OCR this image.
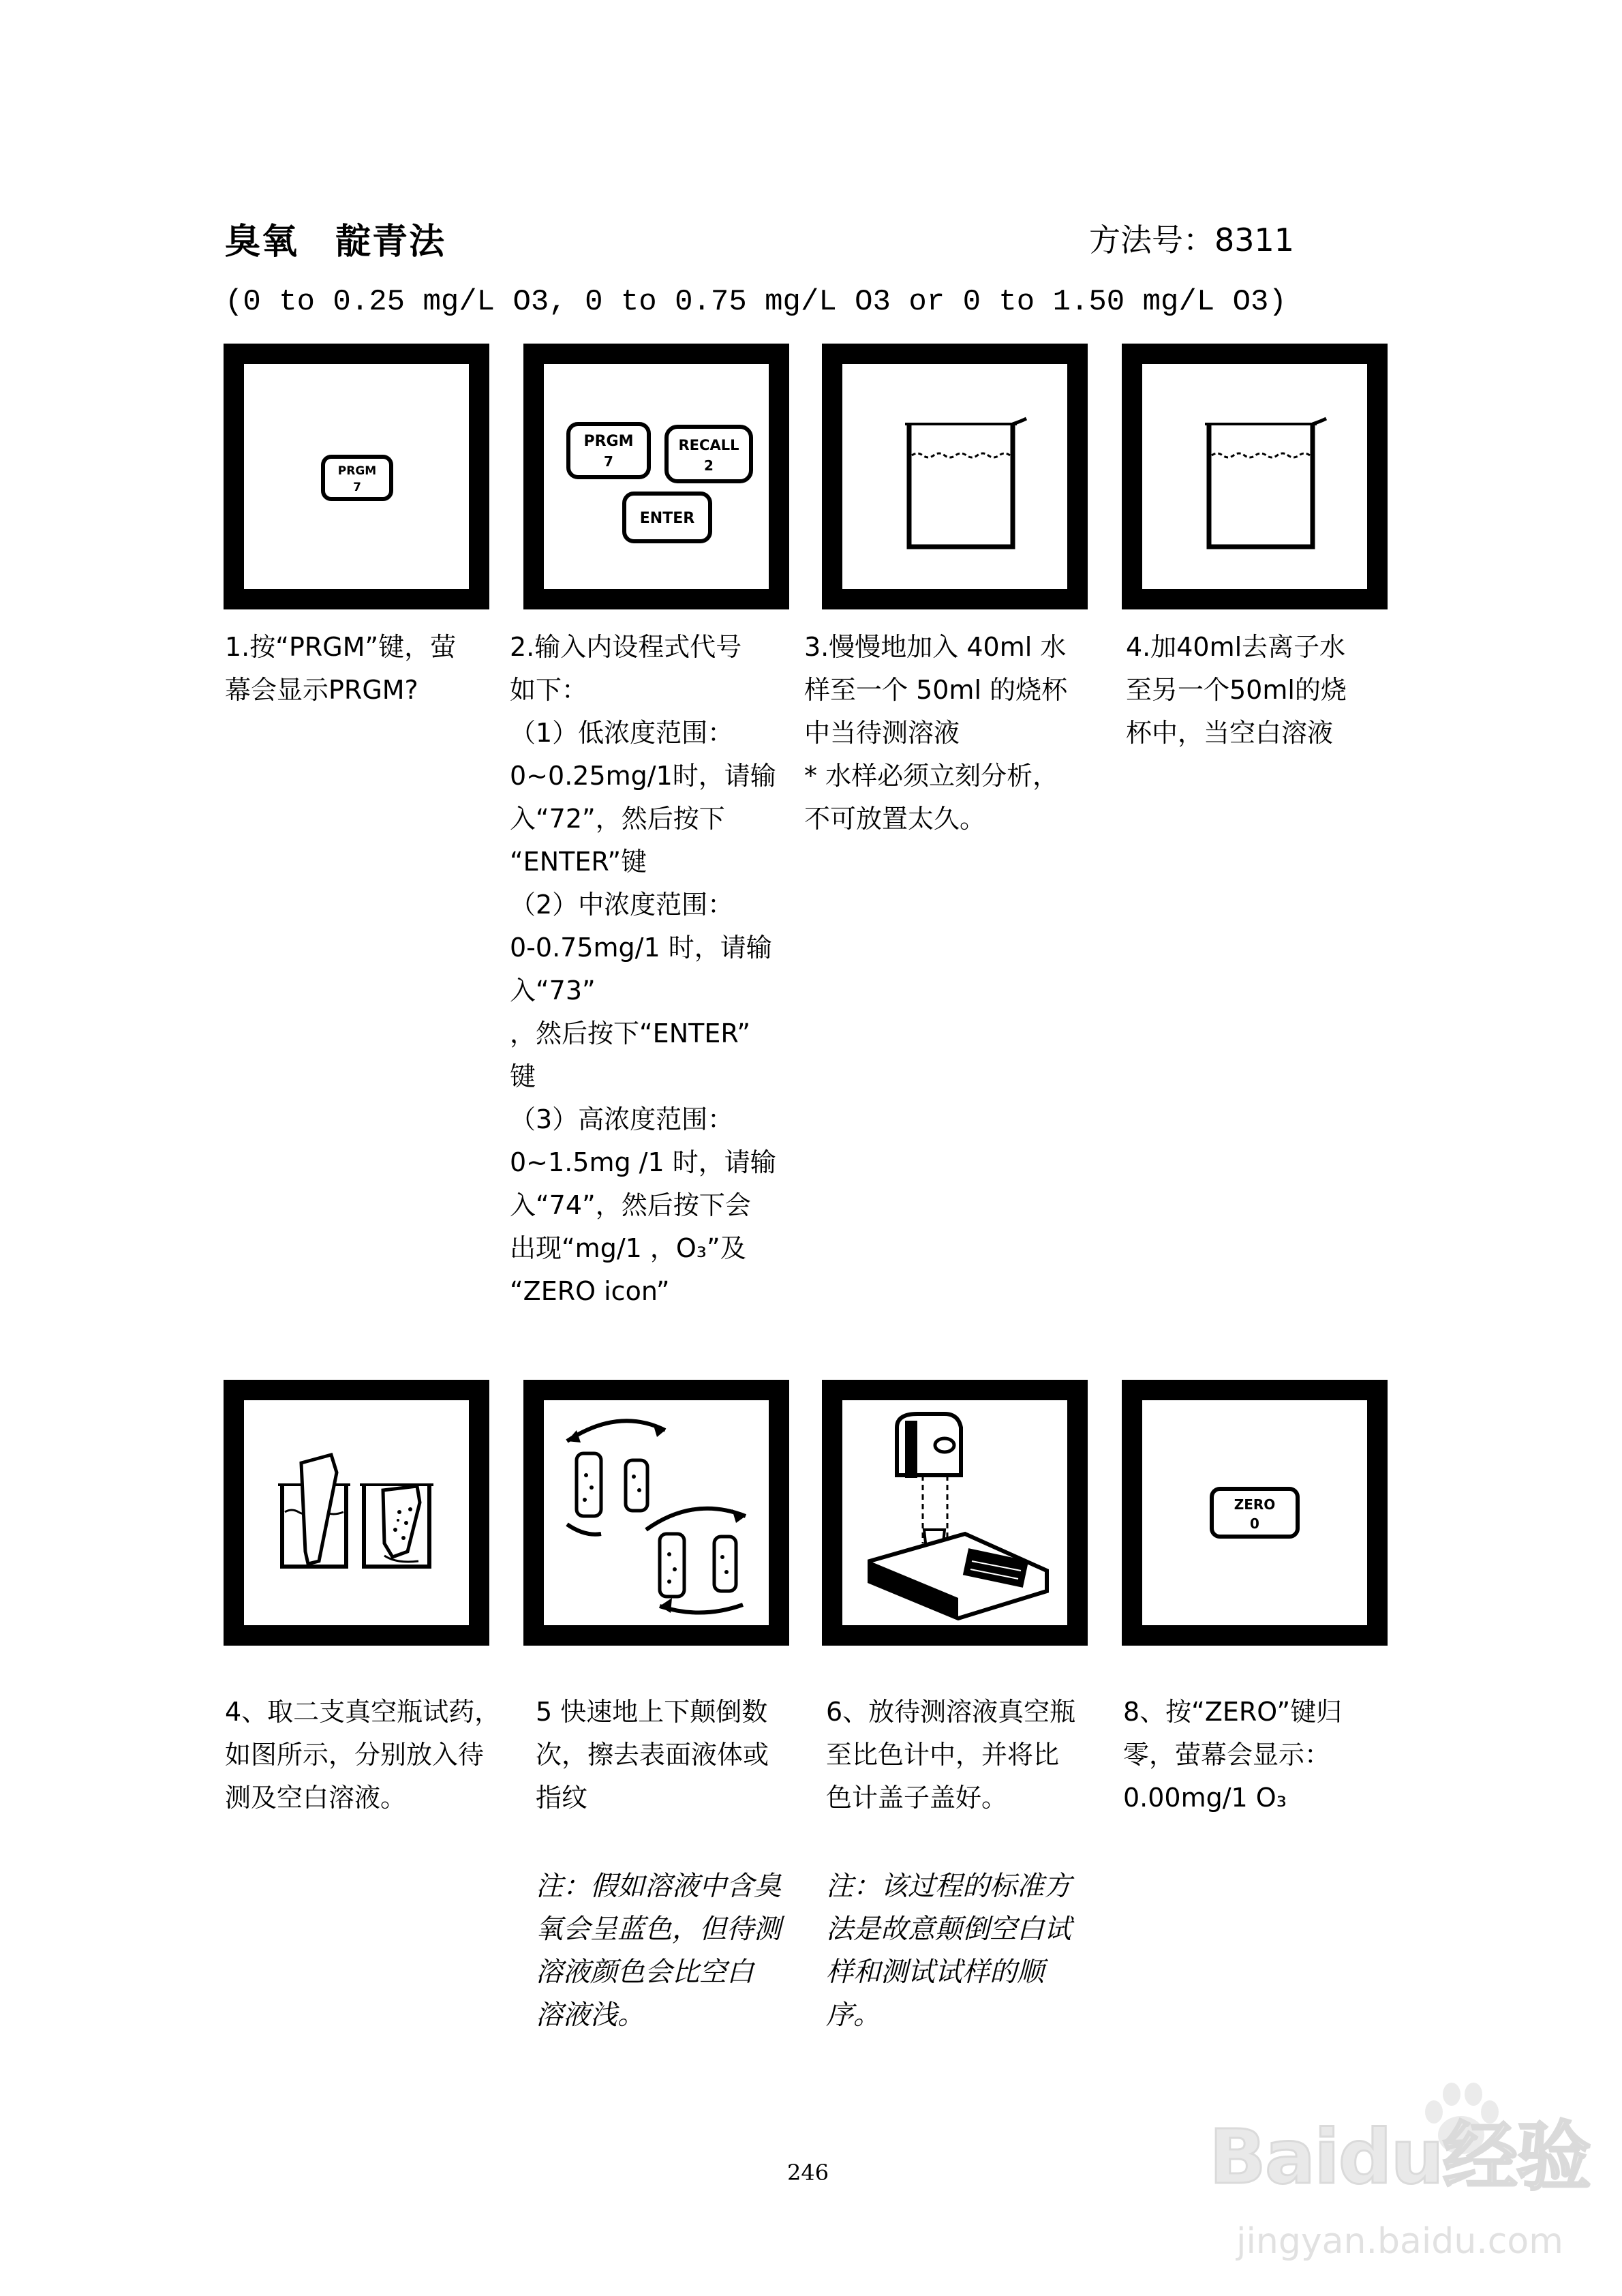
臭氧　靛青法	方法号：8311
(0 to 0.25 mg/L O3, 0 to 0.75 mg/L O3 or 0 to 1.50 mg/L O3)
PRGM
7
PRGM
7
RECALL
2
ENTER
1.按“PRGM”键，萤
幕会显示PRGM?
2.输入内设程式代号
如下：
（1）低浓度范围：
0~0.25mg/1时，请输
入“72”，然后按下
“ENTER”键
（2）中浓度范围：
0-0.75mg/1 时，请输
入“73”
，然后按下“ENTER”
键
（3）高浓度范围：
0~1.5mg /1 时，请输
入“74”，然后按下会
出现“mg/1 ，O₃”及
“ZERO icon”
3.慢慢地加入 40ml 水
样至一个 50ml 的烧杯
中当待测溶液
* 水样必须立刻分析，
不可放置太久。
4.加40ml去离子水
至另一个50ml的烧
杯中，当空白溶液
ZERO
0
4、取二支真空瓶试药，
如图所示，分别放入待
测及空白溶液。
5 快速地上下颠倒数
次，擦去表面液体或
指纹
6、放待测溶液真空瓶
至比色计中，并将比
色计盖子盖好。
8、按“ZERO”键归
零，萤幕会显示：
0.00mg/1 O₃
注：假如溶液中含臭
氧会呈蓝色，但待测
溶液颜色会比空白
溶液浅。
注：该过程的标准方
法是故意颠倒空白试
样和测试试样的顺
序。
246	Baidu经验
jingyan.baidu.com
